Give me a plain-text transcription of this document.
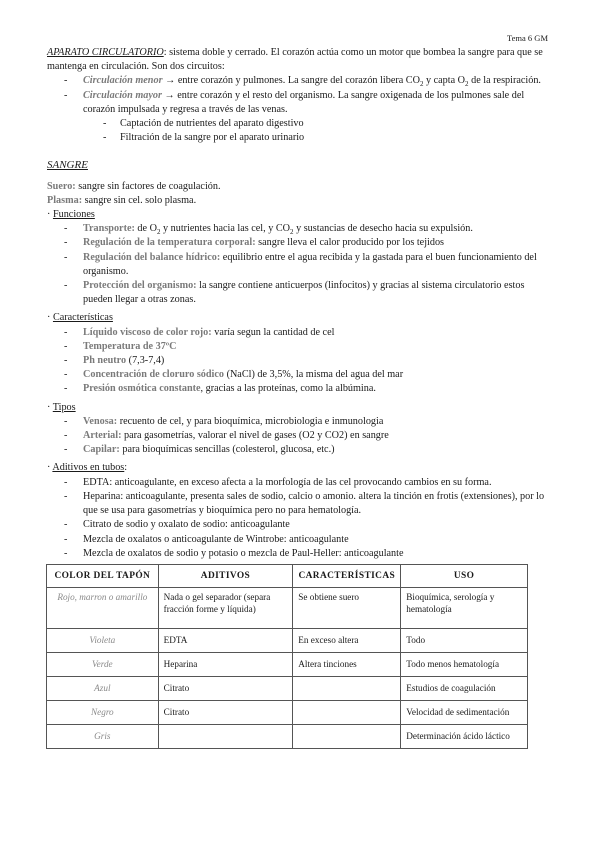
Tema 6 GM
APARATO CIRCULATORIO: sistema doble y cerrado. El corazón actúa como un motor que bombea la sangre para que se mantenga en circulación. Son dos circuitos:
- Circulación menor → entre corazón y pulmones. La sangre del corazón libera $CO_2$ y capta $O_2$ de la respiración.
- Circulación mayor → entre corazón y el resto del organismo. La sangre oxigenada de los pulmones sale del corazón impulsada y regresa a través de las venas.
- Captación de nutrientes del aparato digestivo
- Filtración de la sangre por el aparato urinario
SANGRE
Suero: sangre sin factores de coagulación.
Plasma: sangre sin cel. solo plasma.
· Funciones
- Transporte: de $O_2$ y nutrientes hacia las cel, y $CO_2$ y sustancias de desecho hacia su expulsión.
- Regulación de la temperatura corporal: sangre lleva el calor producido por los tejidos
- Regulación del balance hídrico: equilibrio entre el agua recibida y la gastada para el buen funcionamiento del organismo.
- Protección del organismo: la sangre contiene anticuerpos (linfocitos) y gracias al sistema circulatorio estos pueden llegar a otras zonas.
· Características
- Líquido viscoso de color rojo: varía segun la cantidad de cel
- Temperatura de 37ºC
- Ph neutro (7,3-7,4)
- Concentración de cloruro sódico (NaCl) de 3,5%, la misma del agua del mar
- Presión osmótica constante, gracias a las proteínas, como la albúmina.
· Tipos
- Venosa: recuento de cel, y para bioquímica, microbiologia e inmunologia
- Arterial: para gasometrías, valorar el nivel de gases (O2 y CO2) en sangre
- Capilar: para bioquímicas sencillas (colesterol, glucosa, etc.)
· Aditivos en tubos:
- EDTA: anticoagulante, en exceso afecta a la morfología de las cel provocando cambios en su forma.
- Heparina: anticoagulante, presenta sales de sodio, calcio o amonio. altera la tinción en frotis (extensiones), por lo que se usa para gasometrías y bioquímica pero no para hematología.
- Citrato de sodio y oxalato de sodio: anticoagulante
- Mezcla de oxalatos o anticoagulante de Wintrobe: anticoagulante
- Mezcla de oxalatos de sodio y potasio o mezcla de Paul-Heller: anticoagulante
COLOR DEL TAPÓN	ADITIVOS	CARACTERÍSTICAS	USO
Rojo, marron o amarillo	Nada o gel separador (separa fracción forme y líquida)	Se obtiene suero	Bioquímica, serología y hematología
Violeta	EDTA	En exceso altera	Todo
Verde	Heparina	Altera tinciones	Todo menos hematología
Azul	Citrato		Estudios de coagulación
Negro	Citrato		Velocidad de sedimentación
Gris			Determinación ácido láctico
